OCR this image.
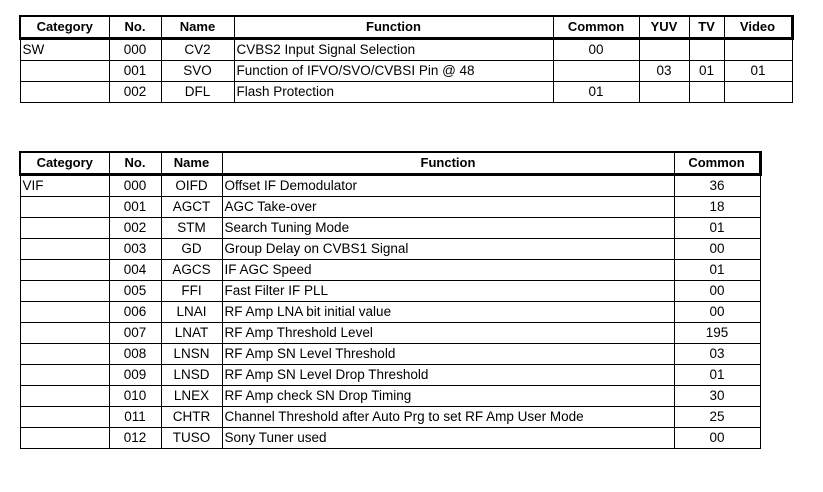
Category	No.	Name	Function	Common	YUV	TV	Video
SW	000	CV2	CVBS2 Input Signal Selection	00			
	001	SVO	Function of IFVO/SVO/CVBSI Pin @ 48		03	01	01
	002	DFL	Flash Protection	01			
Category	No.	Name	Function	Common
VIF	000	OIFD	Offset IF Demodulator	36
	001	AGCT	AGC Take-over	18
	002	STM	Search Tuning Mode	01
	003	GD	Group Delay on CVBS1 Signal	00
	004	AGCS	IF AGC Speed	01
	005	FFI	Fast Filter IF PLL	00
	006	LNAI	RF Amp LNA bit initial value	00
	007	LNAT	RF Amp Threshold Level	195
	008	LNSN	RF Amp SN Level Threshold	03
	009	LNSD	RF Amp SN Level Drop Threshold	01
	010	LNEX	RF Amp check SN Drop Timing	30
	011	CHTR	Channel Threshold after Auto Prg to set RF Amp User Mode	25
	012	TUSO	Sony Tuner used	00
